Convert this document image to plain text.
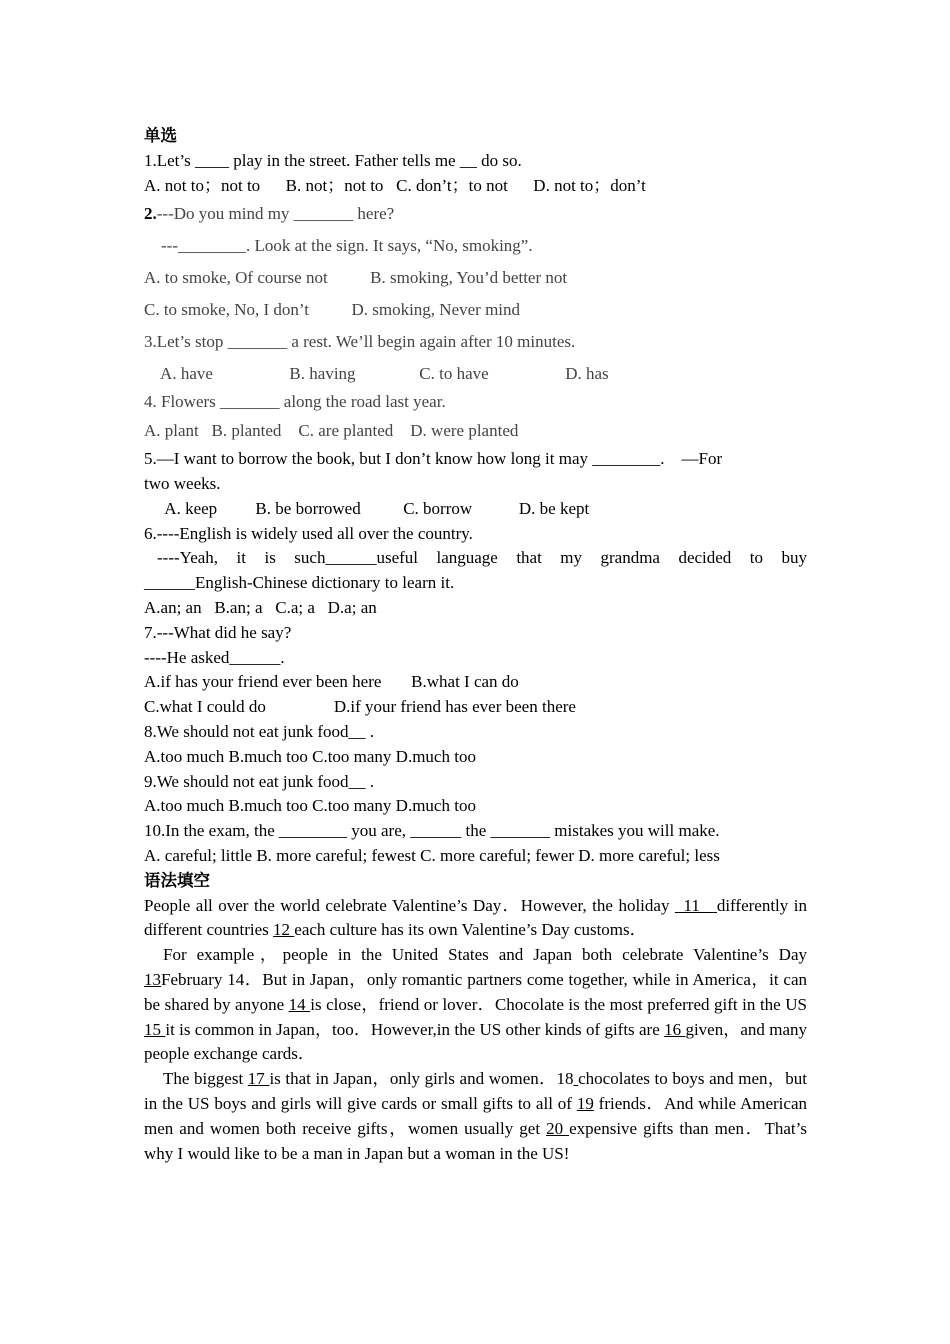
单选
1.Let’s ____ play in the street. Father tells me __ do so.
A. not to；not to      B. not；not to   C. don’t；to not      D. not to；don’t
2.---Do you mind my _______ here?
---________. Look at the sign. It says, “No, smoking”.
A. to smoke, Of course not          B. smoking, You’d better not
C. to smoke, No, I don’t          D. smoking, Never mind
3.Let’s stop _______ a rest. We’ll begin again after 10 minutes.
A. have                  B. having               C. to have                  D. has
4. Flowers _______ along the road last year.
A. plant   B. planted    C. are planted    D. were planted
5.—I want to borrow the book, but I don’t know how long it may ________.    —For
two weeks.
A. keep         B. be borrowed          C. borrow           D. be kept
6.----English is widely used all over the country.
----Yeah, it is such______useful language that my grandma decided to buy
______English-Chinese dictionary to learn it.
A.an; an   B.an; a   C.a; a   D.a; an
7.---What did he say?
----He asked______.
A.if has your friend ever been here       B.what I can do
C.what I could do                D.if your friend has ever been there
8.We should not eat junk food__ .
A.too much B.much too C.too many D.much too
9.We should not eat junk food__ .
A.too much B.much too C.too many D.much too
10.In the exam, the ________ you are, ______ the _______ mistakes you will make.
A. careful; little B. more careful; fewest C. more careful; fewer D. more careful; less
语法填空
People all over the world celebrate Valentine’s Day．However, the holiday _11__differently in different countries 12 each culture has its own Valentine’s Day customs．
For example，people in the United States and Japan both celebrate Valentine’s Day 13February 14．But in Japan，only romantic partners come together, while in America，it can be shared by anyone 14 is close，friend or lover．Chocolate is the most preferred gift in the US 15 it is common in Japan，too．However,in the US other kinds of gifts are 16 given，and many people exchange cards．
The biggest 17 is that in Japan，only girls and women．18 chocolates to boys and men，but in the US boys and girls will give cards or small gifts to all of 19 friends．And while American men and women both receive gifts，women usually get 20 expensive gifts than men．That’s why I would like to be a man in Japan but a woman in the US!
